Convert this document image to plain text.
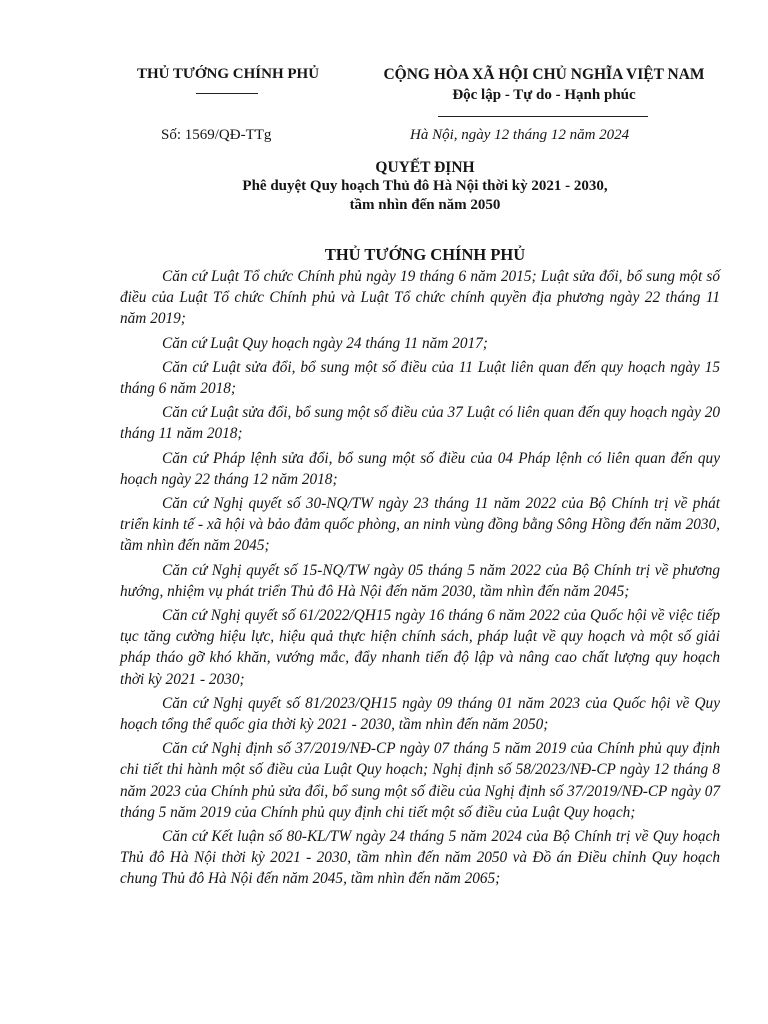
THỦ TƯỚNG CHÍNH PHỦ	CỘNG HÒA XÃ HỘI CHỦ NGHĨA VIỆT NAM
Độc lập - Tự do - Hạnh phúc
Số: 1569/QĐ-TTg	Hà Nội, ngày 12 tháng 12 năm 2024
QUYẾT ĐỊNH
Phê duyệt Quy hoạch Thủ đô Hà Nội thời kỳ 2021 - 2030,
tầm nhìn đến năm 2050
THỦ TƯỚNG CHÍNH PHỦ

Căn cứ Luật Tổ chức Chính phủ ngày 19 tháng 6 năm 2015; Luật sửa đổi, bổ sung một số điều của Luật Tổ chức Chính phủ và Luật Tổ chức chính quyền địa phương ngày 22 tháng 11 năm 2019;

Căn cứ Luật Quy hoạch ngày 24 tháng 11 năm 2017;

Căn cứ Luật sửa đổi, bổ sung một số điều của 11 Luật liên quan đến quy hoạch ngày 15 tháng 6 năm 2018;

Căn cứ Luật sửa đổi, bổ sung một số điều của 37 Luật có liên quan đến quy hoạch ngày 20 tháng 11 năm 2018;

Căn cứ Pháp lệnh sửa đổi, bổ sung một số điều của 04 Pháp lệnh có liên quan đến quy hoạch ngày 22 tháng 12 năm 2018;

Căn cứ Nghị quyết số 30-NQ/TW ngày 23 tháng 11 năm 2022 của Bộ Chính trị về phát triển kinh tế - xã hội và bảo đảm quốc phòng, an ninh vùng đồng bằng Sông Hồng đến năm 2030, tầm nhìn đến năm 2045;

Căn cứ Nghị quyết số 15-NQ/TW ngày 05 tháng 5 năm 2022 của Bộ Chính trị về phương hướng, nhiệm vụ phát triển Thủ đô Hà Nội đến năm 2030, tầm nhìn đến năm 2045;

Căn cứ Nghị quyết số 61/2022/QH15 ngày 16 tháng 6 năm 2022 của Quốc hội về việc tiếp tục tăng cường hiệu lực, hiệu quả thực hiện chính sách, pháp luật về quy hoạch và một số giải pháp tháo gỡ khó khăn, vướng mắc, đẩy nhanh tiến độ lập và nâng cao chất lượng quy hoạch thời kỳ 2021 - 2030;

Căn cứ Nghị quyết số 81/2023/QH15 ngày 09 tháng 01 năm 2023 của Quốc hội về Quy hoạch tổng thể quốc gia thời kỳ 2021 - 2030, tầm nhìn đến năm 2050;

Căn cứ Nghị định số 37/2019/NĐ-CP ngày 07 tháng 5 năm 2019 của Chính phủ quy định chi tiết thi hành một số điều của Luật Quy hoạch; Nghị định số 58/2023/NĐ-CP ngày 12 tháng 8 năm 2023 của Chính phủ sửa đổi, bổ sung một số điều của Nghị định số 37/2019/NĐ-CP ngày 07 tháng 5 năm 2019 của Chính phủ quy định chi tiết một số điều của Luật Quy hoạch;

Căn cứ Kết luận số 80-KL/TW ngày 24 tháng 5 năm 2024 của Bộ Chính trị về Quy hoạch Thủ đô Hà Nội thời kỳ 2021 - 2030, tầm nhìn đến năm 2050 và Đồ án Điều chỉnh Quy hoạch chung Thủ đô Hà Nội đến năm 2045, tầm nhìn đến năm 2065;
